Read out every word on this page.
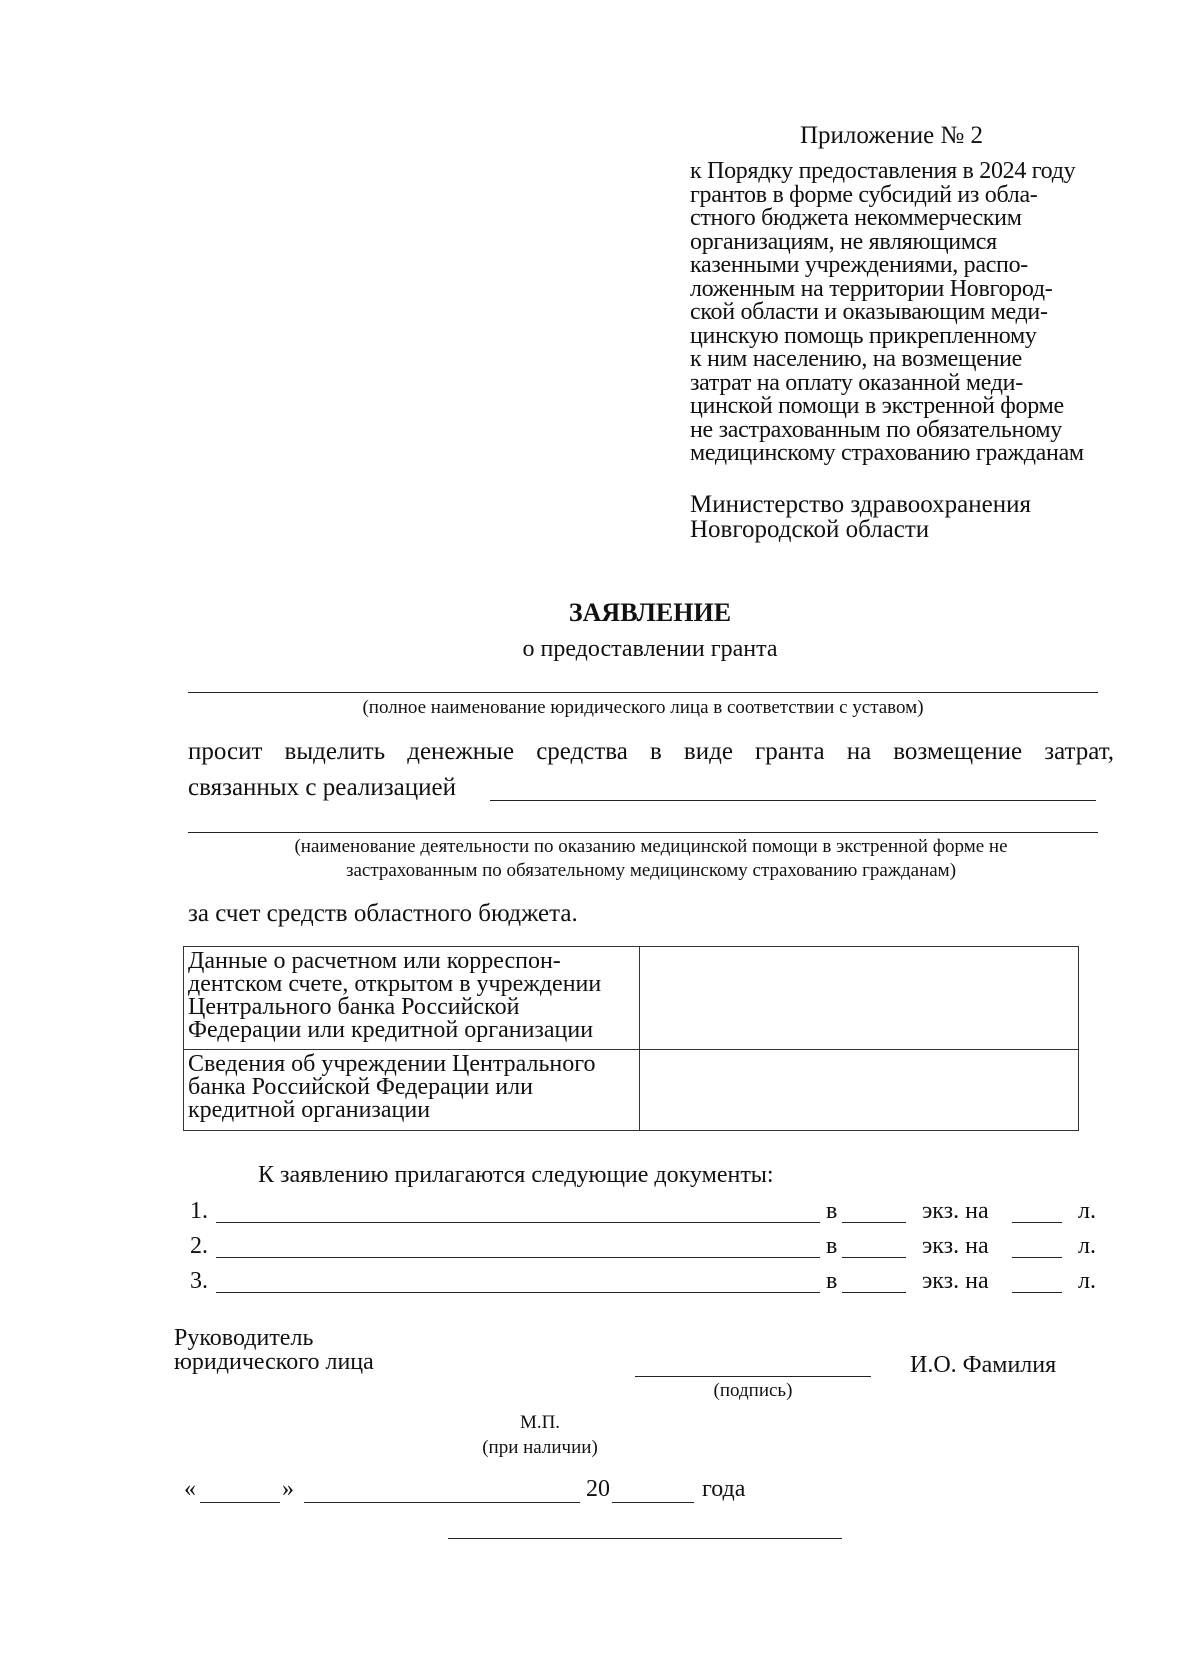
Приложение № 2
к Порядку предоставления в 2024 году
грантов в форме субсидий из обла-
стного бюджета некоммерческим
организациям, не являющимся
казенными учреждениями, распо-
ложенным на территории Новгород-
ской области и оказывающим меди-
цинскую помощь прикрепленному
к ним населению, на возмещение
затрат на оплату оказанной меди-
цинской помощи в экстренной форме
не застрахованным по обязательному
медицинскому страхованию гражданам
Министерство здравоохранения
Новгородской области
ЗАЯВЛЕНИЕ
о предоставлении гранта
(полное наименование юридического лица в соответствии с уставом)
просит выделить денежные средства в виде гранта на возмещение затрат,
связанных с реализацией
(наименование деятельности по оказанию медицинской помощи в экстренной форме не
застрахованным по обязательному медицинскому страхованию гражданам)
за счет средств областного бюджета.
Данные о расчетном или корреспон-
дентском счете, открытом в учреждении
Центрального банка Российской
Федерации или кредитной организации	

Сведения об учреждении Центрального
банка Российской Федерации или
кредитной организации	

К заявлению прилагаются следующие документы:
1.	в	экз. на	л.
2.	в	экз. на	л.
3.	в	экз. на	л.
Руководитель
юридического лица
(подпись)
И.О. Фамилия
М.П.
(при наличии)
«	»	20	года
